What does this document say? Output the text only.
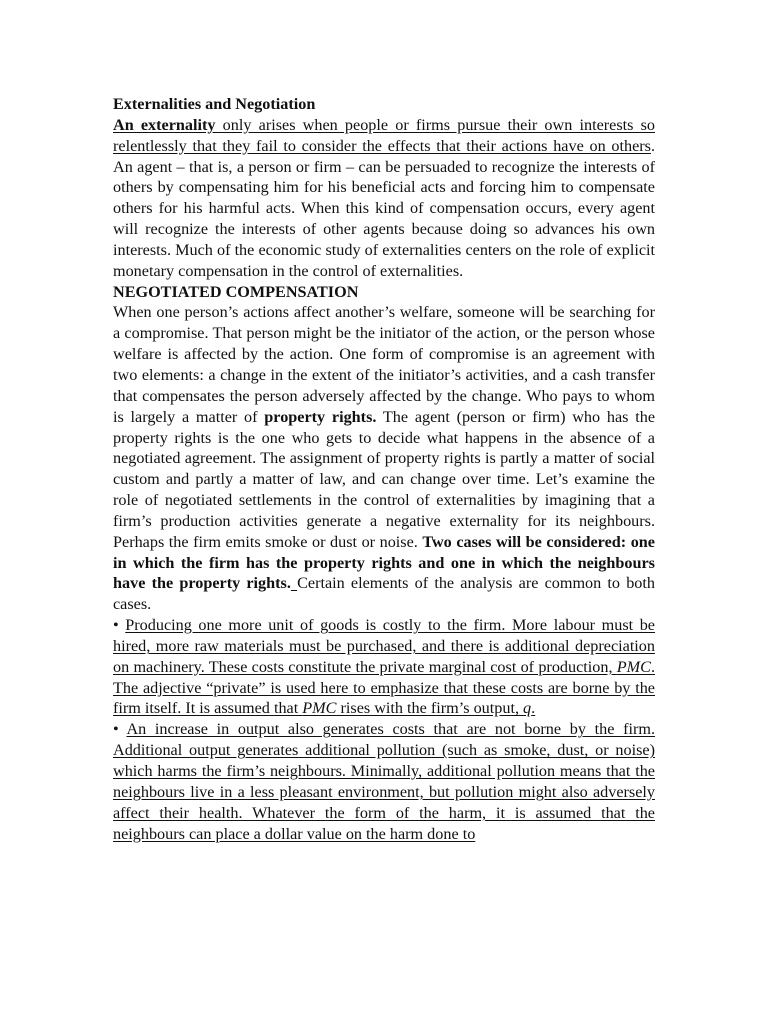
Externalities and Negotiation

An externality only arises when people or firms pursue their own interests so relentlessly that they fail to consider the effects that their actions have on others. An agent – that is, a person or firm – can be persuaded to recognize the interests of others by compensating him for his beneficial acts and forcing him to compensate others for his harmful acts. When this kind of compensation occurs, every agent will recognize the interests of other agents because doing so advances his own interests. Much of the economic study of externalities centers on the role of explicit monetary compensation in the control of externalities.

NEGOTIATED COMPENSATION

When one person’s actions affect another’s welfare, someone will be searching for a compromise. That person might be the initiator of the action, or the person whose welfare is affected by the action. One form of compromise is an agreement with two elements: a change in the extent of the initiator’s activities, and a cash transfer that compensates the person adversely affected by the change. Who pays to whom is largely a matter of property rights. The agent (person or firm) who has the property rights is the one who gets to decide what happens in the absence of a negotiated agreement. The assignment of property rights is partly a matter of social custom and partly a matter of law, and can change over time. Let’s examine the role of negotiated settlements in the control of externalities by imagining that a firm’s production activities generate a negative externality for its neighbours. Perhaps the firm emits smoke or dust or noise. Two cases will be considered: one in which the firm has the property rights and one in which the neighbours have the property rights. Certain elements of the analysis are common to both cases.

• Producing one more unit of goods is costly to the firm. More labour must be hired, more raw materials must be purchased, and there is additional depreciation on machinery. These costs constitute the private marginal cost of production, PMC. The adjective “private” is used here to emphasize that these costs are borne by the firm itself. It is assumed that PMC rises with the firm’s output, q.

• An increase in output also generates costs that are not borne by the firm. Additional output generates additional pollution (such as smoke, dust, or noise) which harms the firm’s neighbours. Minimally, additional pollution means that the neighbours live in a less pleasant environment, but pollution might also adversely affect their health. Whatever the form of the harm, it is assumed that the neighbours can place a dollar value on the harm done to
